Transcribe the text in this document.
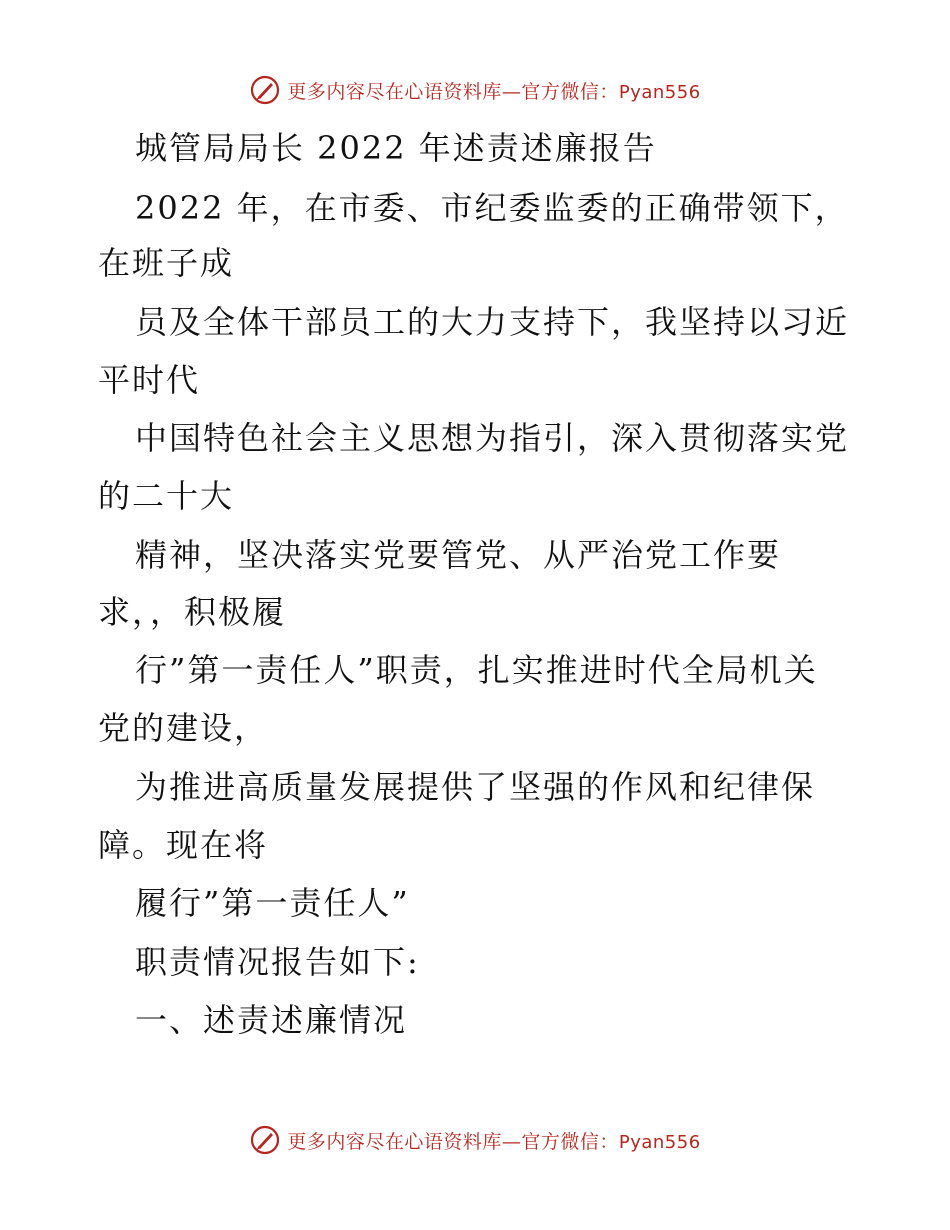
更多内容尽在心语资料库—官方微信：Pyan556
城管局局长 2022 年述责述廉报告
2022 年，在市委、市纪委监委的正确带领下，
在班子成
员及全体干部员工的大力支持下，我坚持以习近
平时代
中国特色社会主义思想为指引，深入贯彻落实党
的二十大
精神，坚决落实党要管党、从严治党工作要
求，，积极履
行”第一责任人”职责，扎实推进时代全局机关
党的建设，
为推进高质量发展提供了坚强的作风和纪律保
障。现在将
履行”第一责任人”
职责情况报告如下:
一、述责述廉情况
更多内容尽在心语资料库—官方微信：Pyan556
